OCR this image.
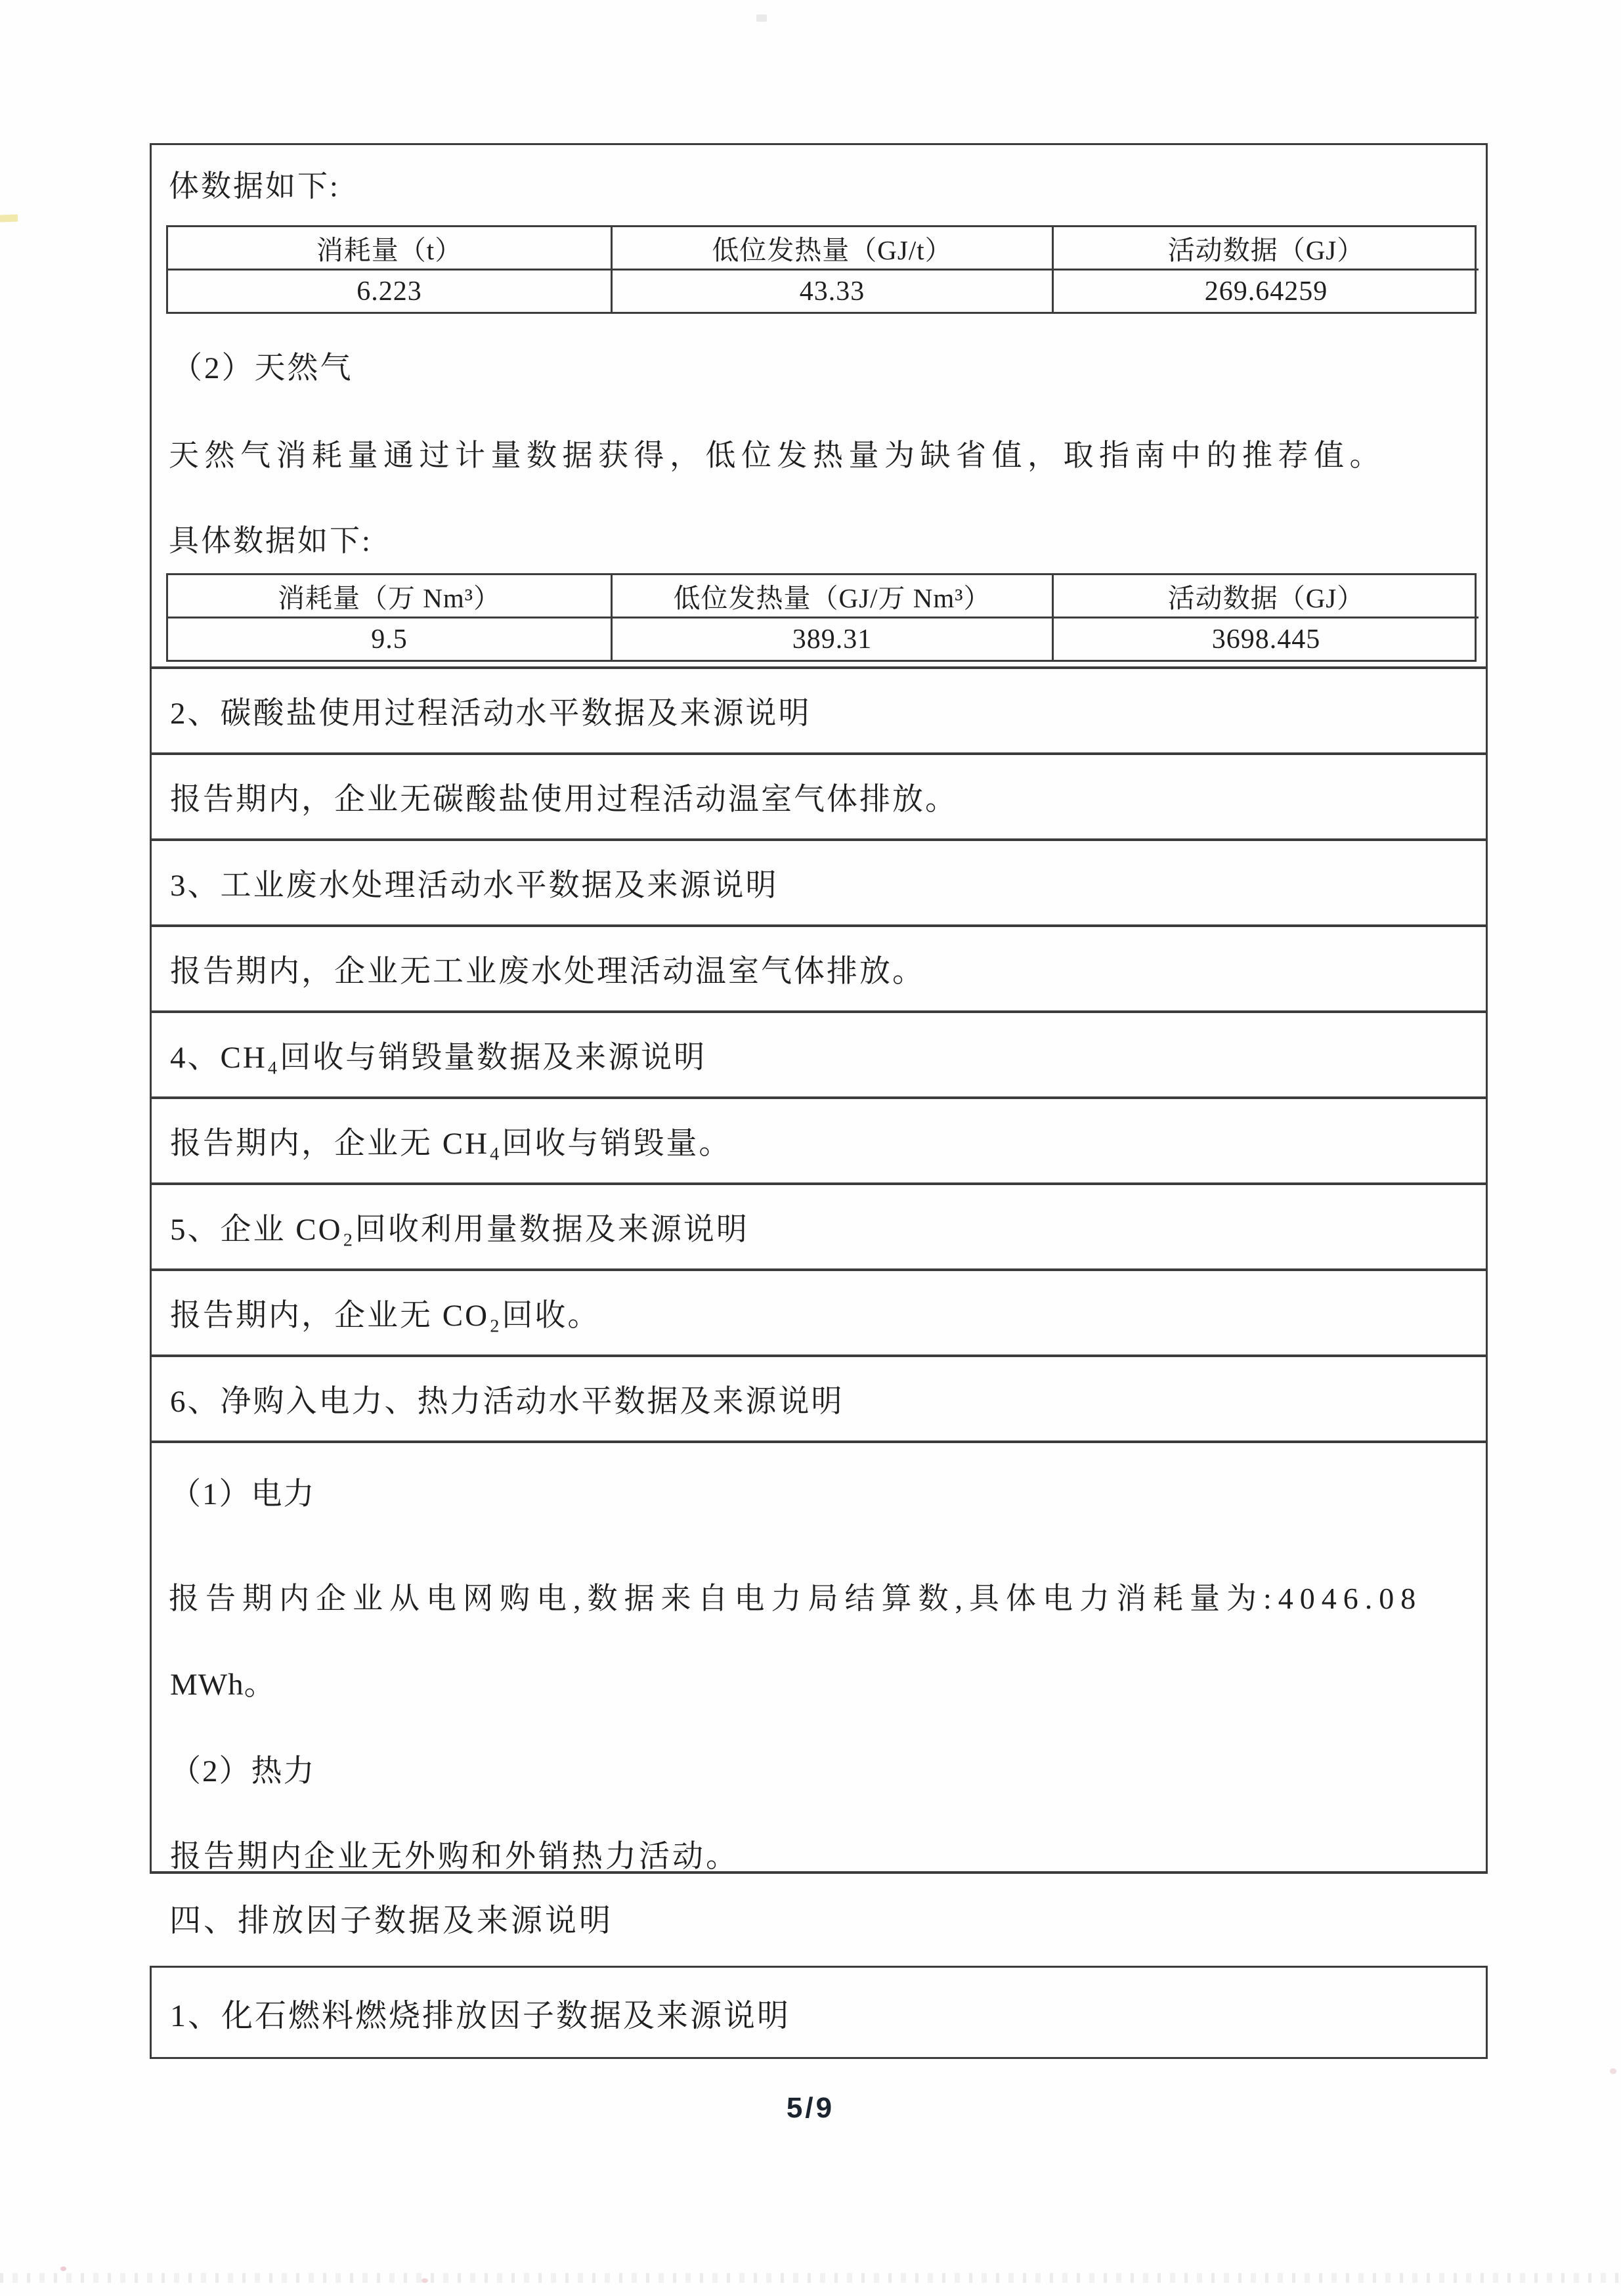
体数据如下:
消耗量（t）	低位发热量（GJ/t）	活动数据（GJ）
6.223	43.33	269.64259
（2）天然气
天然气消耗量通过计量数据获得，低位发热量为缺省值，取指南中的推荐值。
具体数据如下:
消耗量（万 Nm³）	低位发热量（GJ/万 Nm³）	活动数据（GJ）
9.5	389.31	3698.445
2、碳酸盐使用过程活动水平数据及来源说明
报告期内，企业无碳酸盐使用过程活动温室气体排放。
3、工业废水处理活动水平数据及来源说明
报告期内，企业无工业废水处理活动温室气体排放。
4、CH₄回收与销毁量数据及来源说明
报告期内，企业无 CH₄回收与销毁量。
5、企业 CO₂回收利用量数据及来源说明
报告期内，企业无 CO₂回收。
6、净购入电力、热力活动水平数据及来源说明
（1）电力
报告期内企业从电网购电,数据来自电力局结算数,具体电力消耗量为:4046.08
MWh。
（2）热力
报告期内企业无外购和外销热力活动。
四、排放因子数据及来源说明
1、化石燃料燃烧排放因子数据及来源说明
5/9
